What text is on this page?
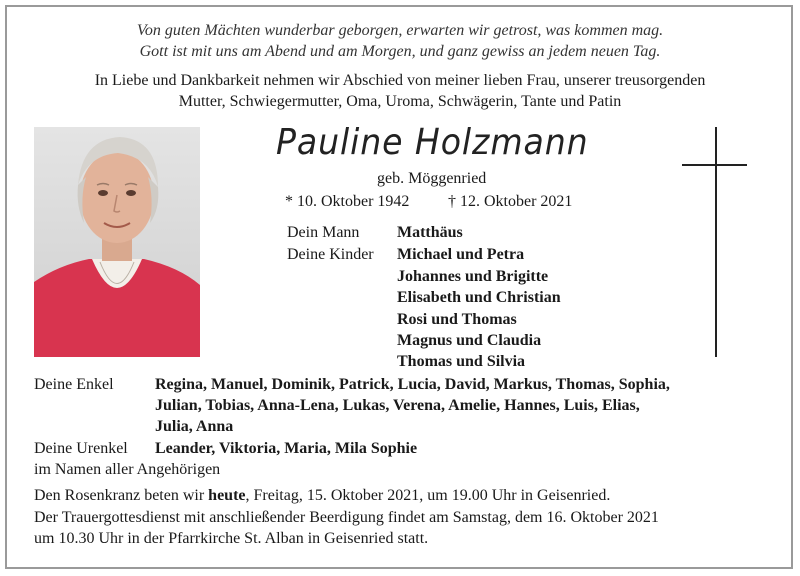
Von guten Mächten wunderbar geborgen, erwarten wir getrost, was kommen mag.
Gott ist mit uns am Abend und am Morgen, und ganz gewiss an jedem neuen Tag.
In Liebe und Dankbarkeit nehmen wir Abschied von meiner lieben Frau, unserer treusorgenden
Mutter, Schwiegermutter, Oma, Uroma, Schwägerin, Tante und Patin
Pauline Holzmann
geb. Möggenried
* 10. Oktober 1942 † 12. Oktober 2021
Dein Mann Matthäus
Deine Kinder Michael und Petra
Johannes und Brigitte
Elisabeth und Christian
Rosi und Thomas
Magnus und Claudia
Thomas und Silvia
Deine Enkel	Regina, Manuel, Dominik, Patrick, Lucia, David, Markus, Thomas, Sophia,
Julian, Tobias, Anna-Lena, Lukas, Verena, Amelie, Hannes, Luis, Elias,
Julia, Anna
Deine Urenkel Leander, Viktoria, Maria, Mila Sophie
im Namen aller Angehörigen
Den Rosenkranz beten wir heute, Freitag, 15. Oktober 2021, um 19.00 Uhr in Geisenried.
Der Trauergottesdienst mit anschließender Beerdigung findet am Samstag, dem 16. Oktober 2021
um 10.30 Uhr in der Pfarrkirche St. Alban in Geisenried statt.
